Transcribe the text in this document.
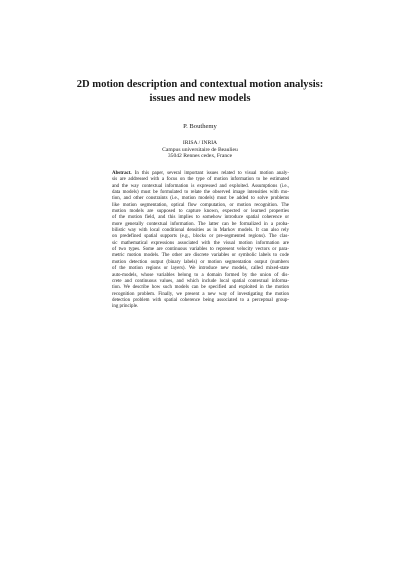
2D motion description and contextual motion analysis:
issues and new models
P. Bouthemy
IRISA / INRIA
Campus universitaire de Beaulieu
35042 Rennes cedex, France
Abstract. In this paper, several important issues related to visual motion analy-
sis are addressed with a focus on the type of motion information to be estimated
and the way contextual information is expressed and exploited. Assumptions (i.e.,
data models) must be formulated to relate the observed image intensities with mo-
tion, and other constraints (i.e., motion models) must be added to solve problems
like motion segmentation, optical flow computation, or motion recognition. The
motion models are supposed to capture known, expected or learned properties
of the motion field, and this implies to somehow introduce spatial coherence or
more generally contextual information. The latter can be formalized in a proba-
bilistic way with local conditional densities as in Markov models. It can also rely
on predefined spatial supports (e.g., blocks or pre-segmented regions). The clas-
sic mathematical expressions associated with the visual motion information are
of two types. Some are continuous variables to represent velocity vectors or para-
metric motion models. The other are discrete variables or symbolic labels to code
motion detection output (binary labels) or motion segmentation output (numbers
of the motion regions or layers). We introduce new models, called mixed-state
auto-models, whose variables belong to a domain formed by the union of dis-
crete and continuous values, and which include local spatial contextual informa-
tion. We describe how such models can be specified and exploited in the motion
recognition problem. Finally, we present a new way of investigating the motion
detection problem with spatial coherence being associated to a perceptual group-
ing principle.
